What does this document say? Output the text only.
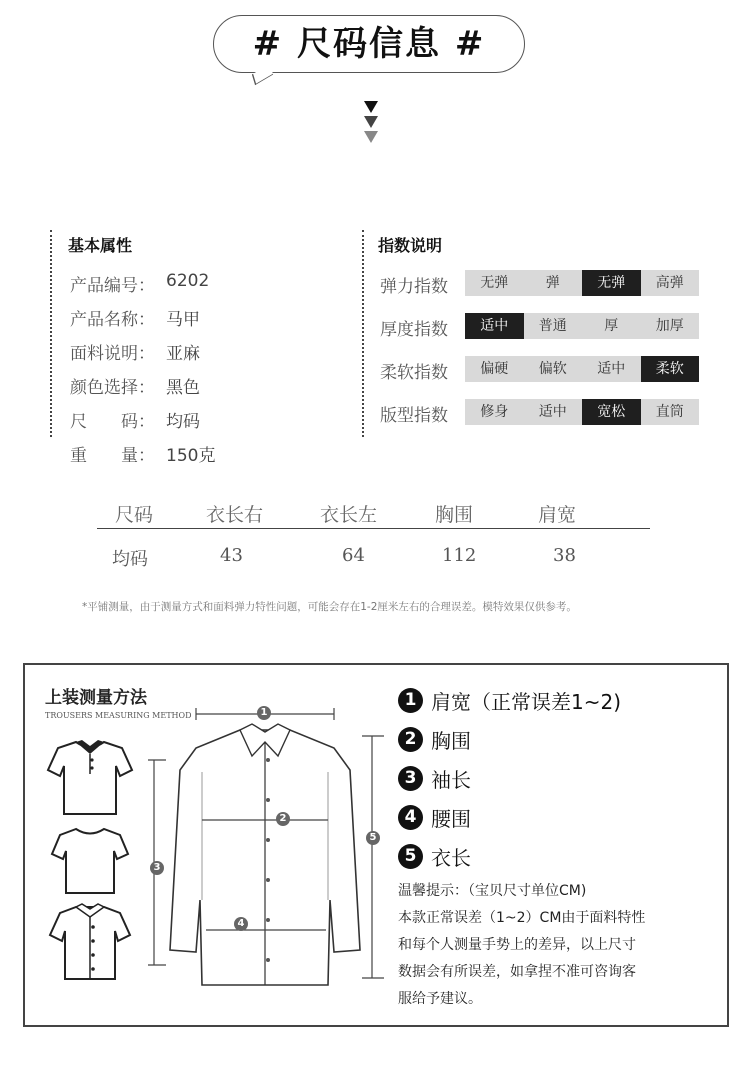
# 尺码信息 #
基本属性
产品编号： 6202
产品名称： 马甲
面料说明： 亚麻
颜色选择： 黑色
尺　　码： 均码
重　　量： 150克
指数说明
弹力指数	无弹	弹	无弹	高弹
厚度指数	适中	普通	厚	加厚
柔软指数	偏硬	偏软	适中	柔软
版型指数	修身	适中	宽松	直筒
尺码	衣长右	衣长左	胸围	肩宽
均码	43	64	112	38
*平铺测量，由于测量方式和面料弹力特性问题，可能会存在1-2厘米左右的合理误差。模特效果仅供参考。
上装测量方法
TROUSERS MEASURING METHOD	1
2
3
4
5
1 肩宽（正常误差1~2)
2 胸围
3 袖长
4 腰围
5 衣长
温馨提示：（宝贝尺寸单位CM)
本款正常误差（1~2）CM由于面料特性
和每个人测量手势上的差异，以上尺寸
数据会有所误差，如拿捏不准可咨询客
服给予建议。
